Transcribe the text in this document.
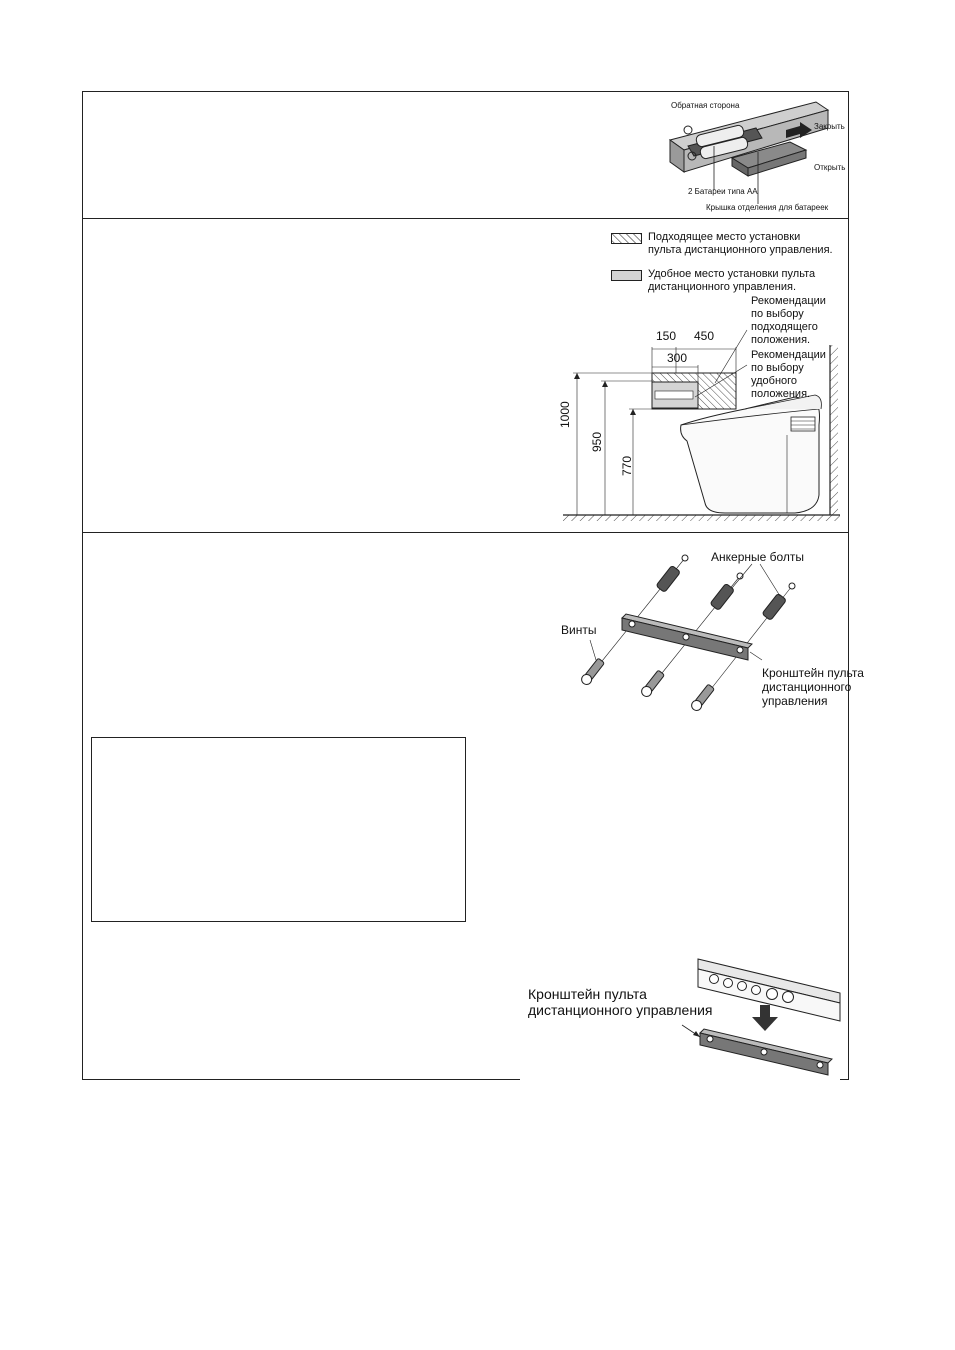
Обратная сторона
Закрыть
Открыть
2 Батареи типа АА
Крышка отделения для батареек
Подходящее место установки
пульта дистанционного управления.
Удобное место установки пульта
дистанционного управления.
Рекомендации
по выбору
подходящего
положения.
Рекомендации
по выбору
удобного
положения.
150 450
300
1000
950
770
Анкерные болты
Винты
Кронштейн пульта
дистанционного
управления
Кронштейн пульта
дистанционного управления
